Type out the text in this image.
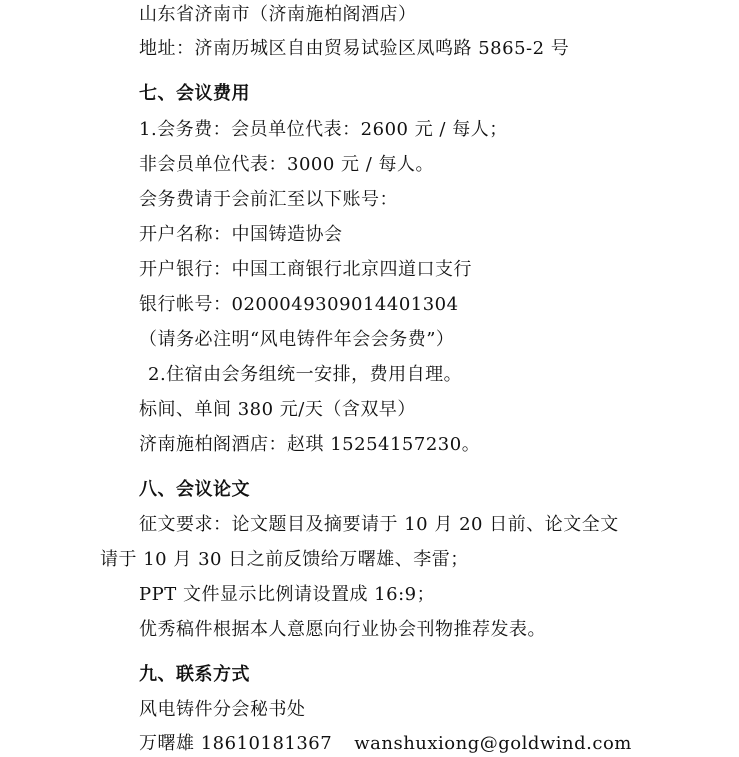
山东省济南市（济南施柏阁酒店）
地址：济南历城区自由贸易试验区凤鸣路 5865-2 号
七、会议费用
1.会务费：会员单位代表：2600 元 / 每人；
非会员单位代表：3000 元 / 每人。
会务费请于会前汇至以下账号：
开户名称：中国铸造协会
开户银行：中国工商银行北京四道口支行
银行帐号：0200049309014401304
（请务必注明“风电铸件年会会务费”）
2.住宿由会务组统一安排，费用自理。
标间、单间 380 元/天（含双早）
济南施柏阁酒店：赵琪 15254157230。
八、会议论文
征文要求：论文题目及摘要请于 10 月 20 日前、论文全文
请于 10 月 30 日之前反馈给万曙雄、李雷；
PPT 文件显示比例请设置成 16:9；
优秀稿件根据本人意愿向行业协会刊物推荐发表。
九、联系方式
风电铸件分会秘书处
万曙雄 18610181367 wanshuxiong@goldwind.com
